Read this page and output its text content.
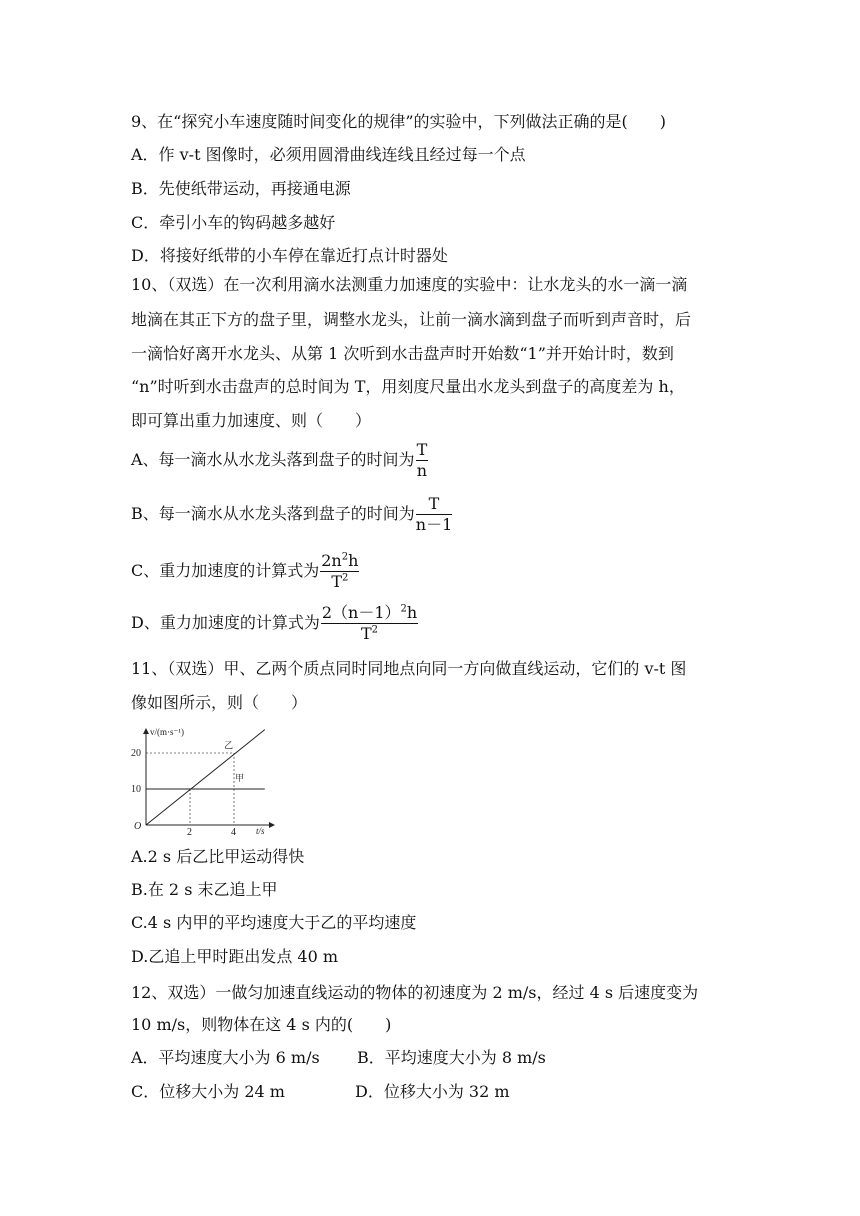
9、在“探究小车速度随时间变化的规律”的实验中，下列做法正确的是(　　)
A．作 v-t 图像时，必须用圆滑曲线连线且经过每一个点
B．先使纸带运动，再接通电源
C．牵引小车的钩码越多越好
D．将接好纸带的小车停在靠近打点计时器处
10、（双选）在一次利用滴水法测重力加速度的实验中：让水龙头的水一滴一滴
地滴在其正下方的盘子里，调整水龙头，让前一滴水滴到盘子而听到声音时，后
一滴恰好离开水龙头、从第 1 次听到水击盘声时开始数“1”并开始计时，数到
“n”时听到水击盘声的总时间为 T，用刻度尺量出水龙头到盘子的高度差为 h，
即可算出重力加速度、则（　　）
A、每一滴水从水龙头落到盘子的时间为 $\frac{T}{n}$
B、每一滴水从水龙头落到盘子的时间为 $\frac{T}{n-1}$
C、重力加速度的计算式为 $\frac{2n^2h}{T^2}$
D、重力加速度的计算式为 $\frac{2(n-1)^2h}{T^2}$
11、（双选）甲、乙两个质点同时同地点向同一方向做直线运动，它们的 v-t 图
像如图所示，则（　　）
v/(m·s⁻¹)
t/s
O
2	4
10
20
甲
乙
A.2 s 后乙比甲运动得快
B.在 2 s 末乙追上甲
C.4 s 内甲的平均速度大于乙的平均速度
D.乙追上甲时距出发点 40 m
12、双选）一做匀加速直线运动的物体的初速度为 2 m/s，经过 4 s 后速度变为
10 m/s，则物体在这 4 s 内的(　　)
A．平均速度大小为 6 m/s B．平均速度大小为 8 m/s
C．位移大小为 24 m	D．位移大小为 32 m
